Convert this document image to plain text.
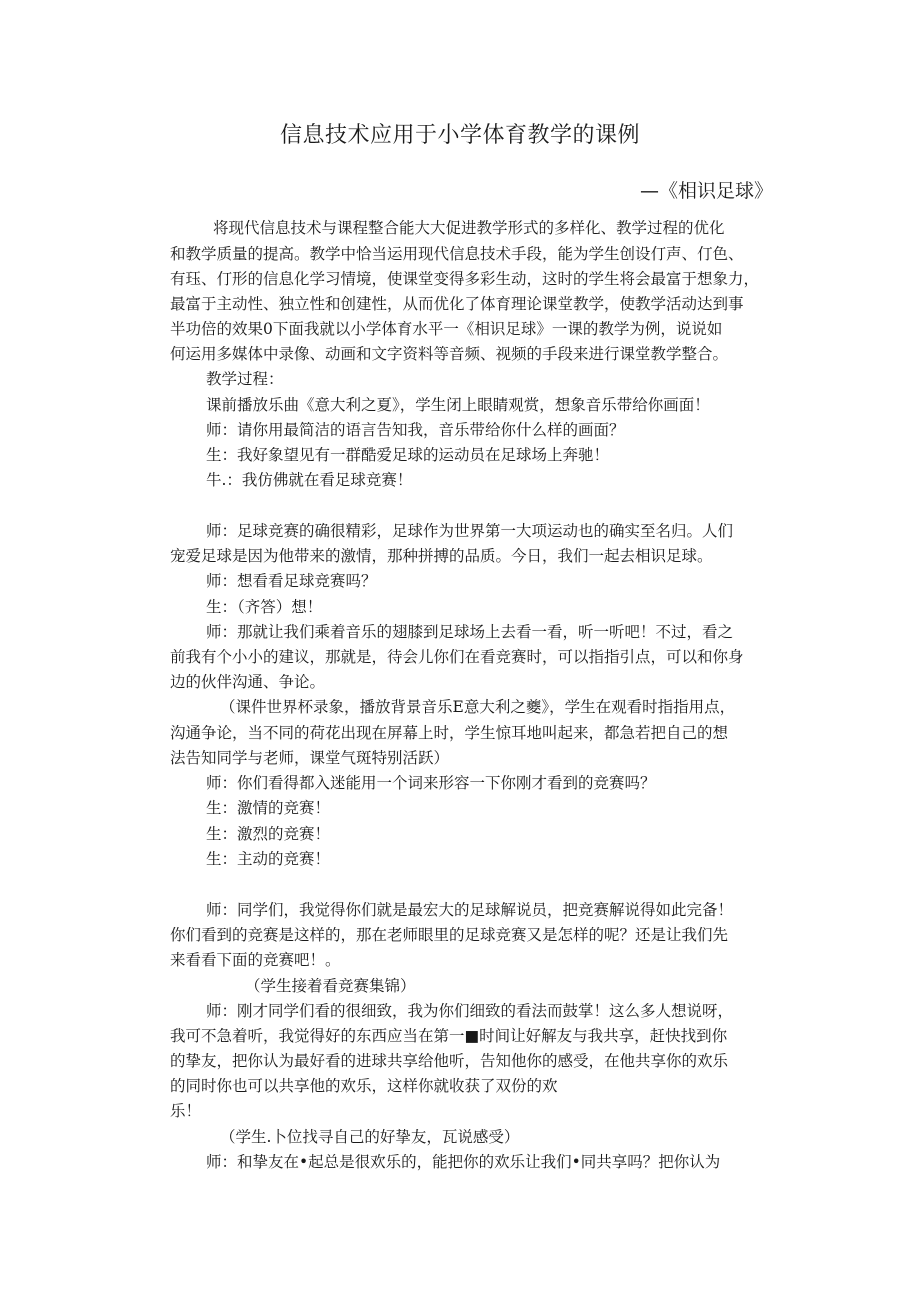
信息技术应用于小学体育教学的课例
—《相识足球》

将现代信息技术与课程整合能大大促进教学形式的多样化、教学过程的优化

和教学质量的提高。教学中恰当运用现代信息技术手段，能为学生创设仃声、仃色、

有珏、仃形的信息化学习情境，使课堂变得多彩生动，这时的学生将会最富于想象力，

最富于主动性、独立性和创建性，从而优化了体育理论课堂教学，使教学活动达到事

半功倍的效果0下面我就以小学体育水平一《相识足球》一课的教学为例，说说如

何运用多媒体中录像、动画和文字资料等音频、视频的手段来进行课堂教学整合。

教学过程：

课前播放乐曲《意大利之夏》，学生闭上眼睛观赏，想象音乐带给你画面！

师：请你用最简洁的语言告知我，音乐带给你什么样的画面？

生：我好象望见有一群酷爱足球的运动员在足球场上奔驰！

牛.：我仿佛就在看足球竞赛！

师：足球竞赛的确很精彩，足球作为世界第一大项运动也的确实至名归。人们

宠爱足球是因为他带来的激情，那种拼搏的品质。今日，我们一起去相识足球。

师：想看看足球竞赛吗？

生：（齐答）想！

师：那就让我们乘着音乐的翅膝到足球场上去看一看，听一听吧！不过，看之

前我有个小小的建议，那就是，待会儿你们在看竞赛时，可以指指引点，可以和你身

边的伙伴沟通、争论。

（课件世界杯录象，播放背景音乐E意大利之夔》，学生在观看时指指用点，

沟通争论，当不同的荷花出现在屏幕上时，学生惊耳地叫起来，都急若把自己的想

法告知同学与老师，课堂气斑特别活跃）

师：你们看得都入迷能用一个词来形容一下你刚才看到的竞赛吗？

生：激情的竞赛！

生：激烈的竞赛！

生：主动的竞赛！

师：同学们，我觉得你们就是最宏大的足球解说员，把竞赛解说得如此完备！

你们看到的竞赛是这样的，那在老师眼里的足球竞赛又是怎样的呢？还是让我们先

来看看下面的竞赛吧！。

（学生接着看竞赛集锦）

师：刚才同学们看的很细致，我为你们细致的看法而鼓掌！这么多人想说呀，

我可不急着听，我觉得好的东西应当在第一■时间让好解友与我共享，赶快找到你

的挚友，把你认为最好看的进球共享给他听，告知他你的感受，在他共享你的欢乐

的同时你也可以共享他的欢乐，这样你就收获了双份的欢

乐！

（学生.卜位找寻自己的好挚友，瓦说感受）

师：和挚友在•起总是很欢乐的，能把你的欢乐让我们•同共享吗？把你认为
